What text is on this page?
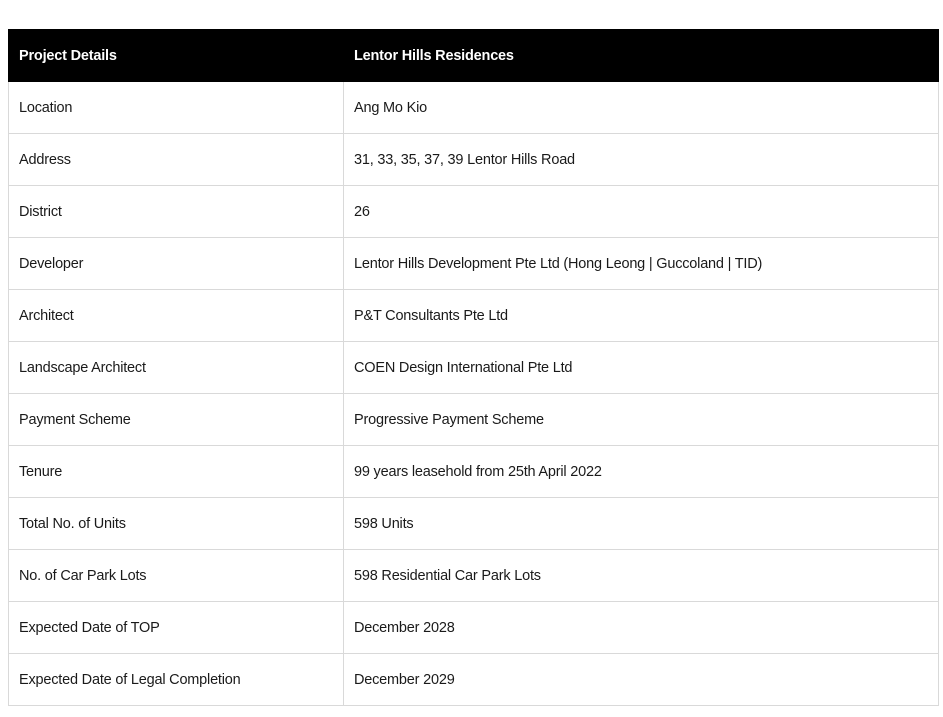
Project Details	Lentor Hills Residences
Location	Ang Mo Kio
Address	31, 33, 35, 37, 39 Lentor Hills Road
District	26
Developer	Lentor Hills Development Pte Ltd (Hong Leong | Guccoland | TID)
Architect	P&T Consultants Pte Ltd
Landscape Architect	COEN Design International Pte Ltd
Payment Scheme	Progressive Payment Scheme
Tenure	99 years leasehold from 25th April 2022
Total No. of Units	598 Units
No. of Car Park Lots	598 Residential Car Park Lots
Expected Date of TOP	December 2028
Expected Date of Legal Completion	December 2029
